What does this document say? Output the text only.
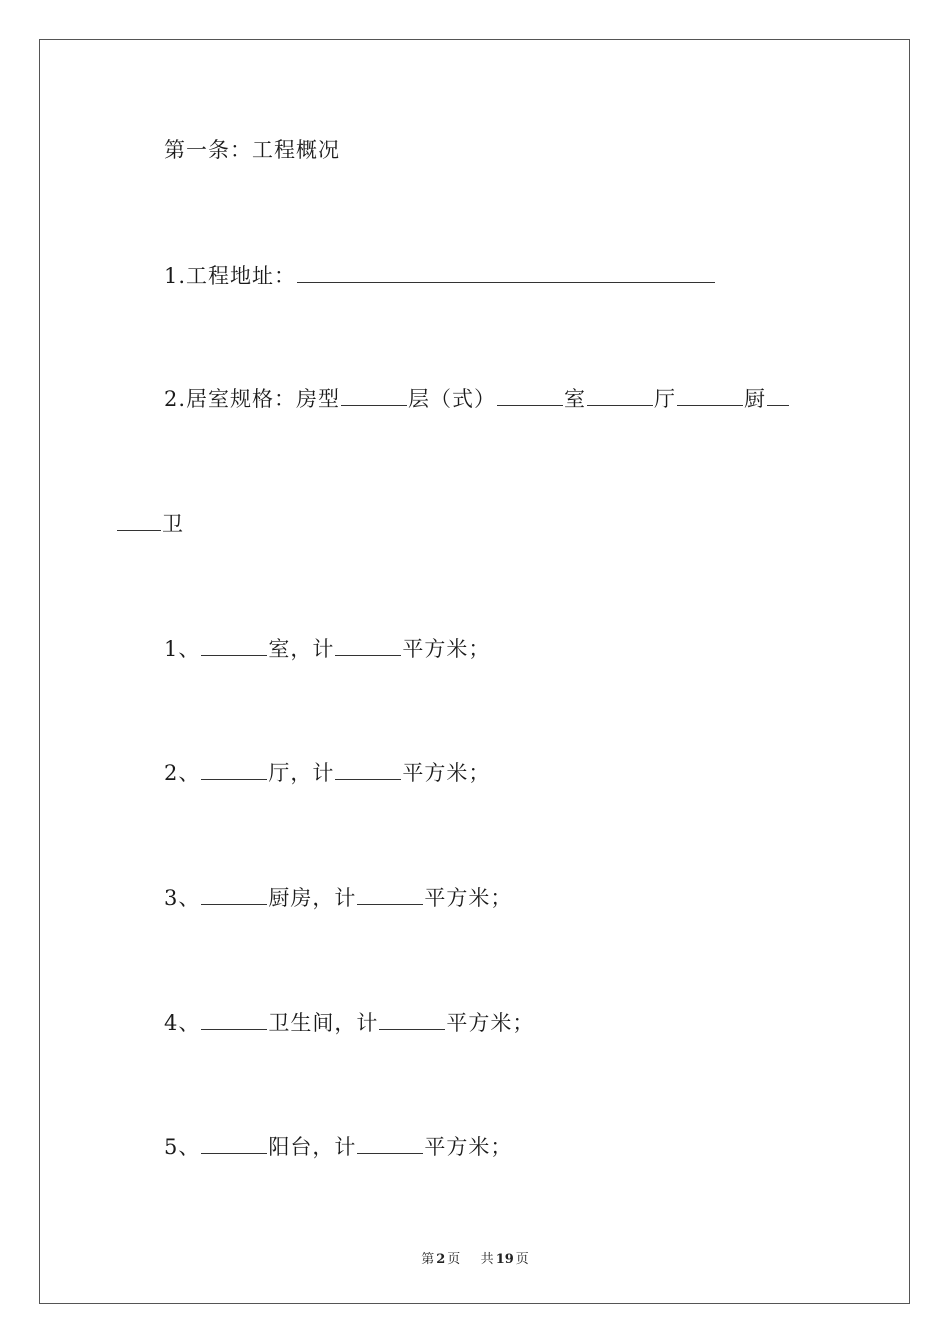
第一条：工程概况
1.工程地址：
2.居室规格：房型	层（式）	室	厅	厨
卫
1、	室，计	平方米；
2、	厅，计	平方米；
3、	厨房，计	平方米；
4、	卫生间，计	平方米；
5、	阳台，计	平方米；
第 2 页 共 19 页
